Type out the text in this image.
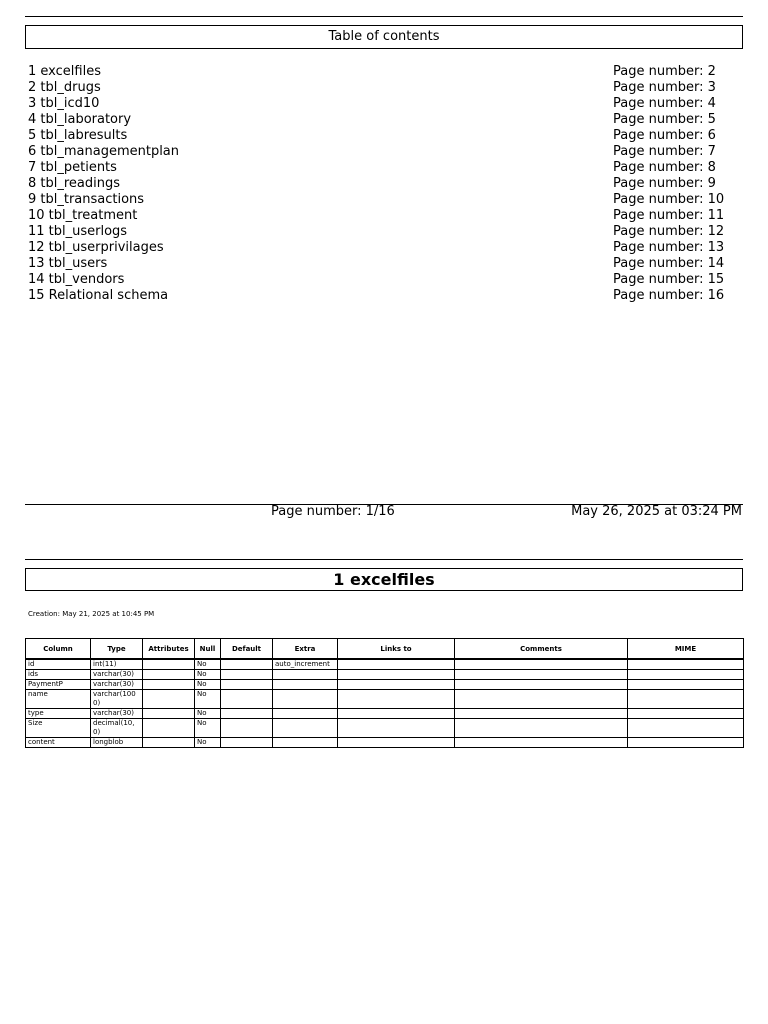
Table of contents
1 excelfiles	Page number: 2
2 tbl_drugs	Page number: 3
3 tbl_icd10	Page number: 4
4 tbl_laboratory	Page number: 5
5 tbl_labresults	Page number: 6
6 tbl_managementplan	Page number: 7
7 tbl_petients	Page number: 8
8 tbl_readings	Page number: 9
9 tbl_transactions	Page number: 10
10 tbl_treatment	Page number: 11
11 tbl_userlogs	Page number: 12
12 tbl_userprivilages	Page number: 13
13 tbl_users	Page number: 14
14 tbl_vendors	Page number: 15
15 Relational schema	Page number: 16
Page number: 1/16	May 26, 2025 at 03:24 PM
1 excelfiles
Creation: May 21, 2025 at 10:45 PM
Column	Type	Attributes	Null	Default	Extra	Links to	Comments	MIME
id	int(11)		No		auto_increment			
ids	varchar(30)		No					
PaymentP	varchar(30)		No					
name	varchar(1000)		No					
type	varchar(30)		No					
Size	decimal(10,0)		No					
content	longblob		No					
